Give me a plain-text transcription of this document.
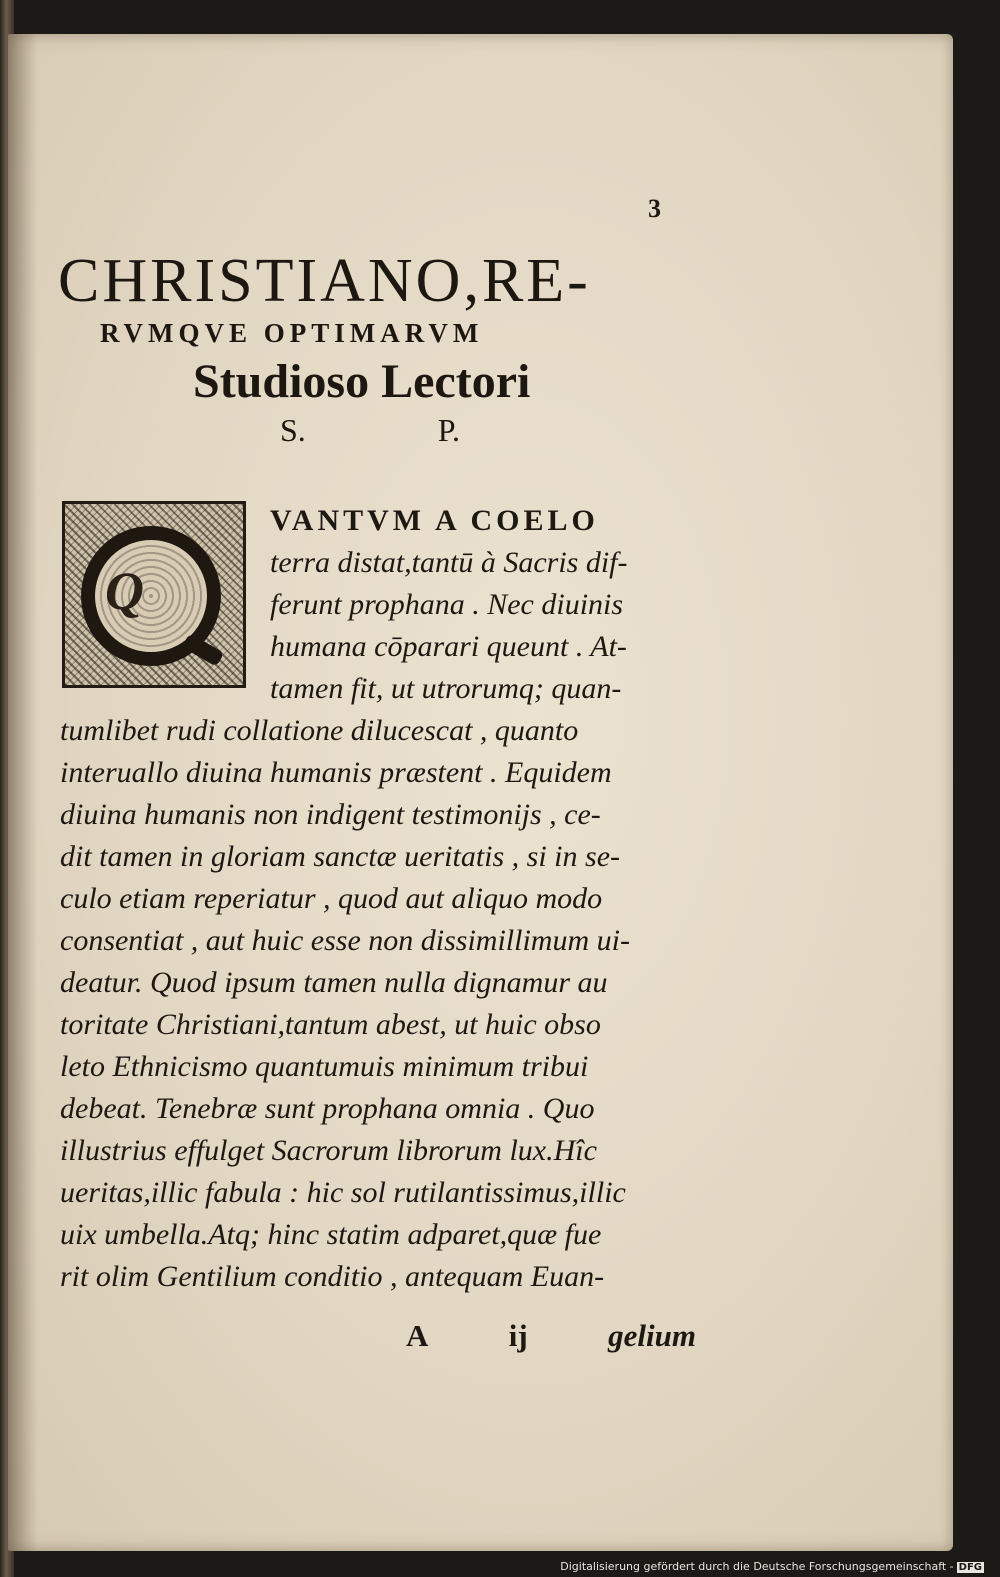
3

CHRISTIANO,RE-
RVMQVE OPTIMARVM
Studioso Lectori
S.	P.
Q

VANTVM A COELO

terra distat,tantū à Sacris dif-

ferunt prophana . Nec diuinis

humana cōparari queunt . At-

tamen fit, ut utrorumq; quan-

tumlibet rudi collatione dilucescat , quanto

interuallo diuina humanis præstent . Equidem

diuina humanis non indigent testimonijs , ce-

dit tamen in gloriam sanctæ ueritatis , si in se-

culo etiam reperiatur , quod aut aliquo modo

consentiat , aut huic esse non dissimillimum ui-

deatur. Quod ipsum tamen nulla dignamur au

toritate Christiani,tantum abest, ut huic obso

leto Ethnicismo quantumuis minimum tribui

debeat. Tenebræ sunt prophana omnia . Quo

illustrius effulget Sacrorum librorum lux.Hîc

ueritas,illic fabula : hic sol rutilantissimus,illic

uix umbella.Atq; hinc statim adparet,quæ fue

rit olim Gentilium conditio , antequam Euan-

A	ij	gelium

Digitalisierung gefördert durch die Deutsche Forschungsgemeinschaft - DFG
